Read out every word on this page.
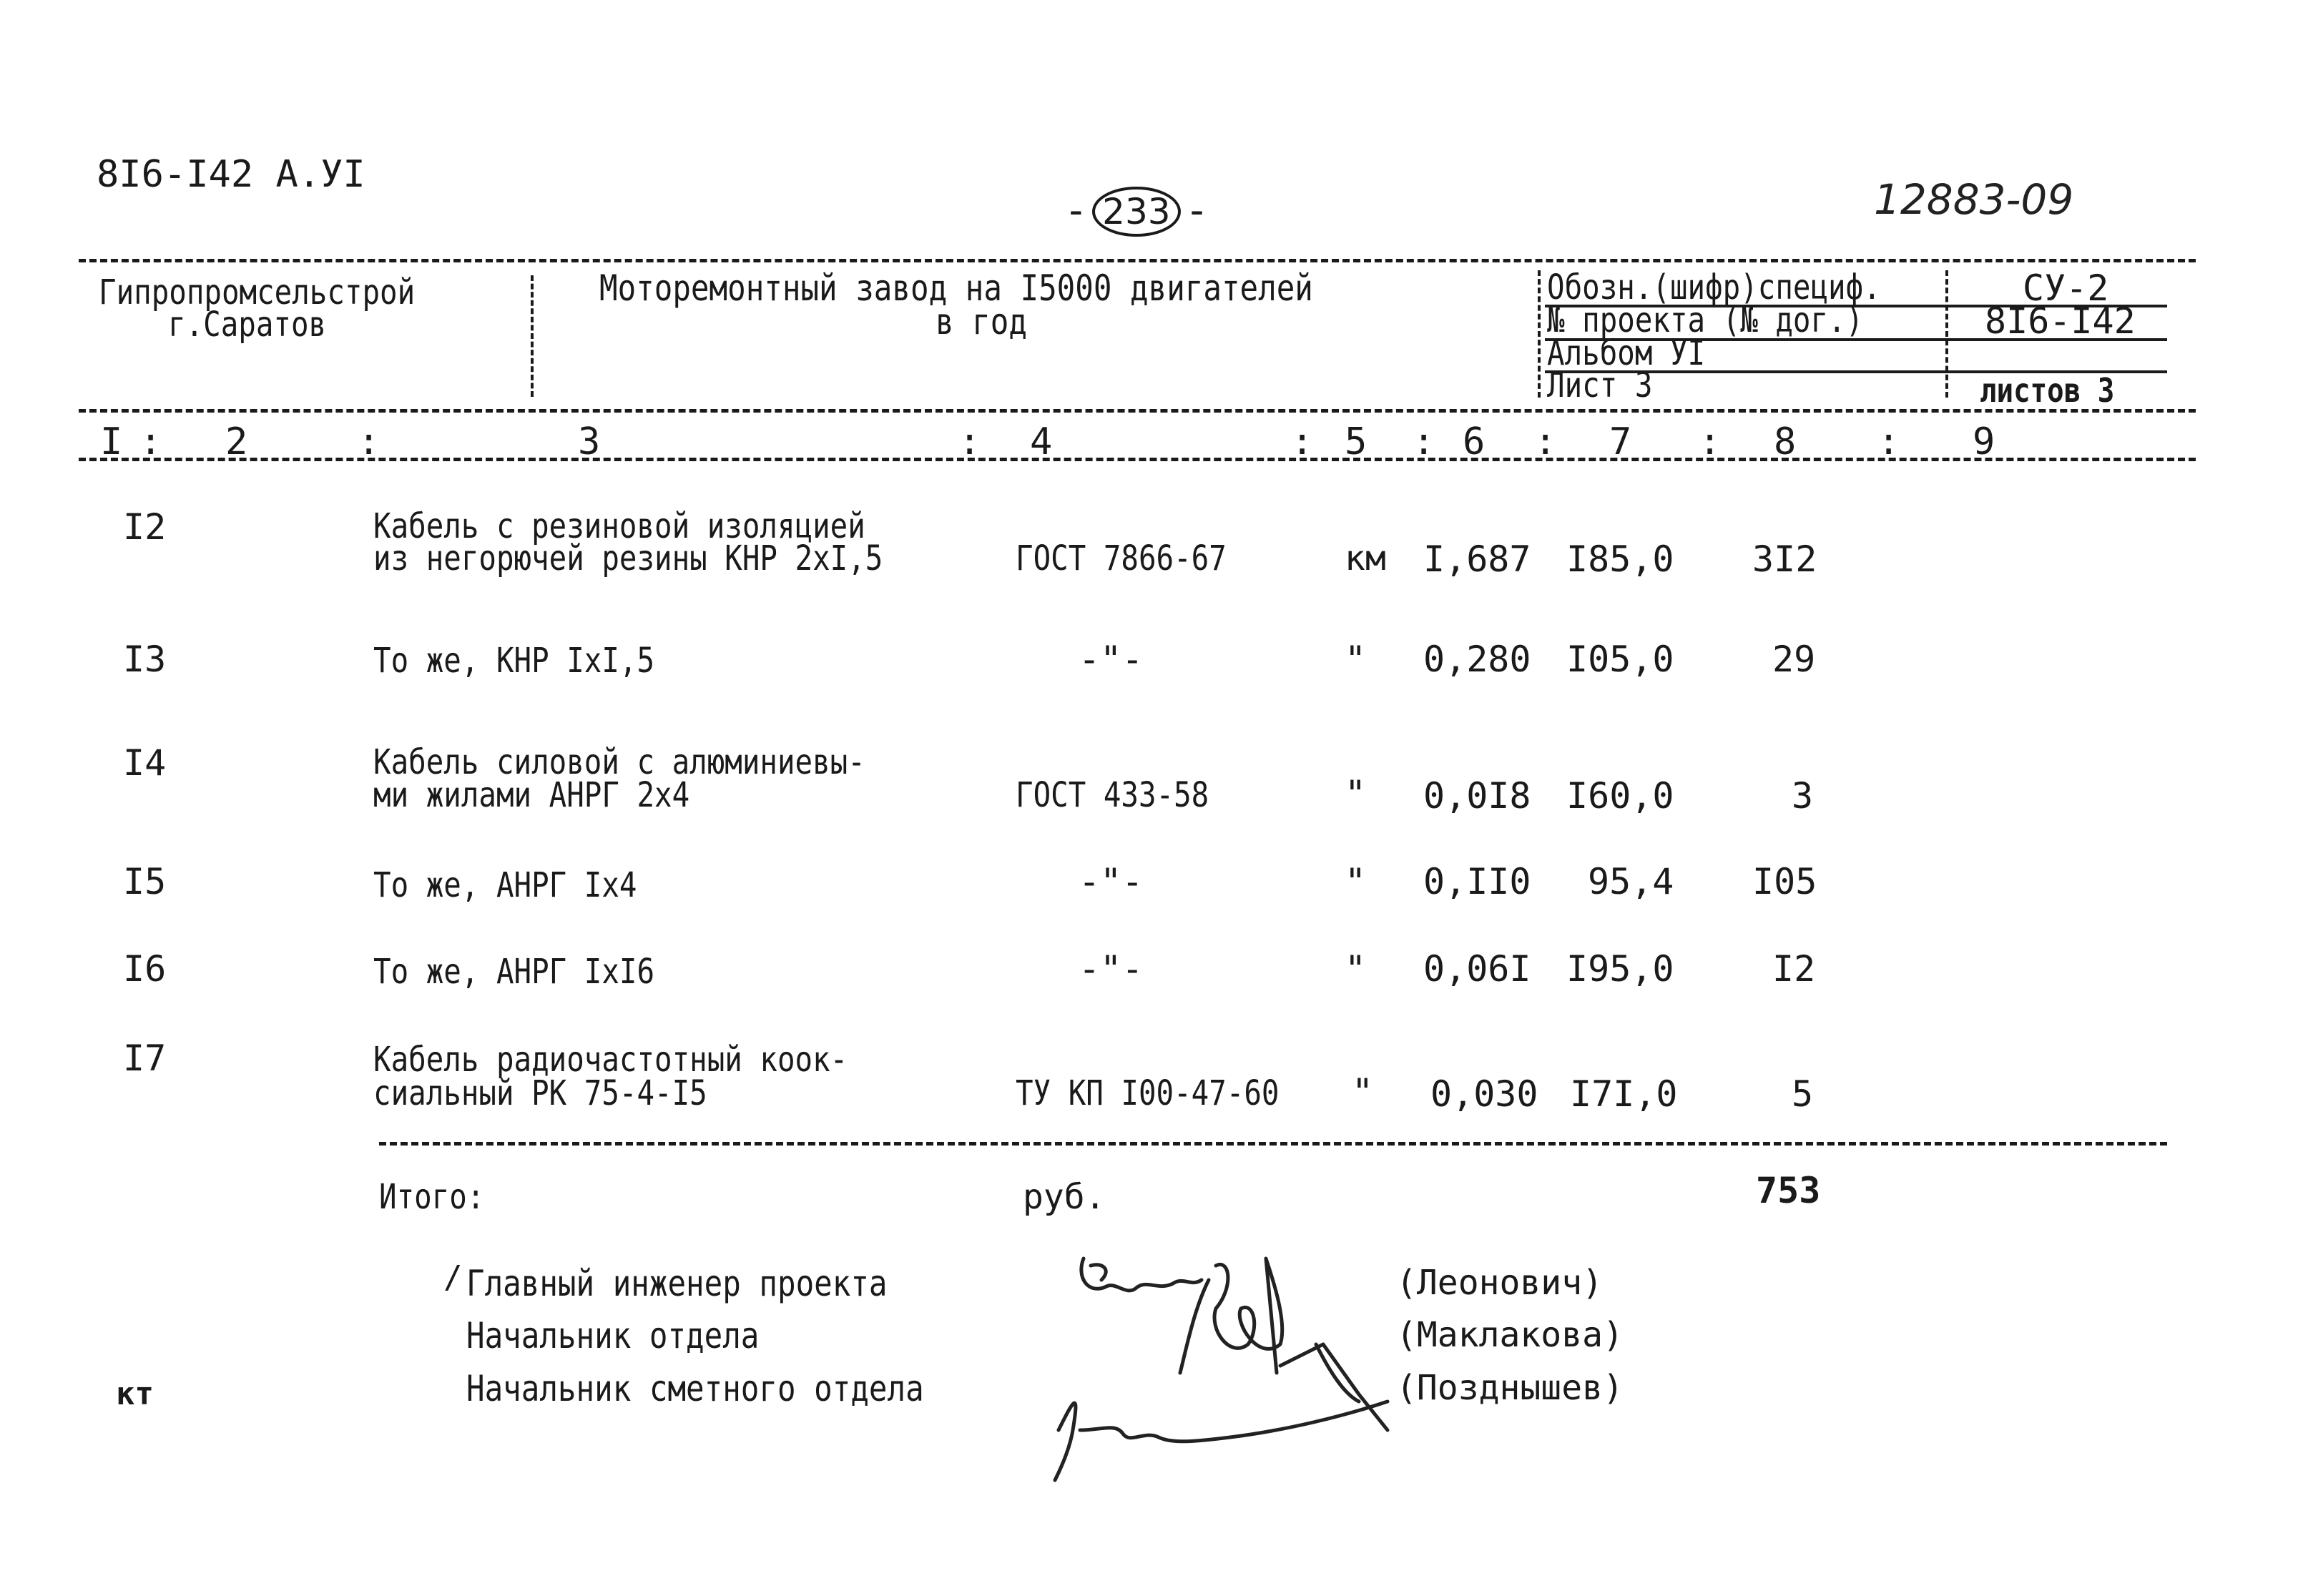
8I6-I42 А.УI

- 233 -	12883-09
Гипропромсельстрой
г.Саратов
Моторемонтный завод на I5000 двигателей
в год
Обозн.(шифр)специф.
№ проекта (№ дог.)
Альбом УI
Лист 3
СУ-2
8I6-I42
листов 3
I : 2	:	3	: 4	: 5 : 6 : 7 : 8 : 9
I2	Кабель с резиновой изоляцией
из негорючей резины КНР 2хI,5	ГОСТ 7866-67	км I,687 I85,0 3I2
I3	То же, КНР IхI,5	-"-	" 0,280 I05,0	29
I4	Кабель силовой с алюминиевы-
ми жилами АНРГ 2х4	ГОСТ 433-58	" 0,0I8 I60,0	3
I5	То же, АНРГ Iх4	-"-	" 0,II0 95,4 I05
I6	То же, АНРГ IхI6	-"-	" 0,06I I95,0	I2
I7	Кабель радиочастотный коок-
сиальный РК 75-4-I5	ТУ КП I00-47-60	" 0,030 I7I,0	5
Итого:	руб.	753
/ Главный инженер проекта
Начальник отдела
Начальник сметного отдела
(Леонович)
(Маклакова)
(Позднышев)
кт
